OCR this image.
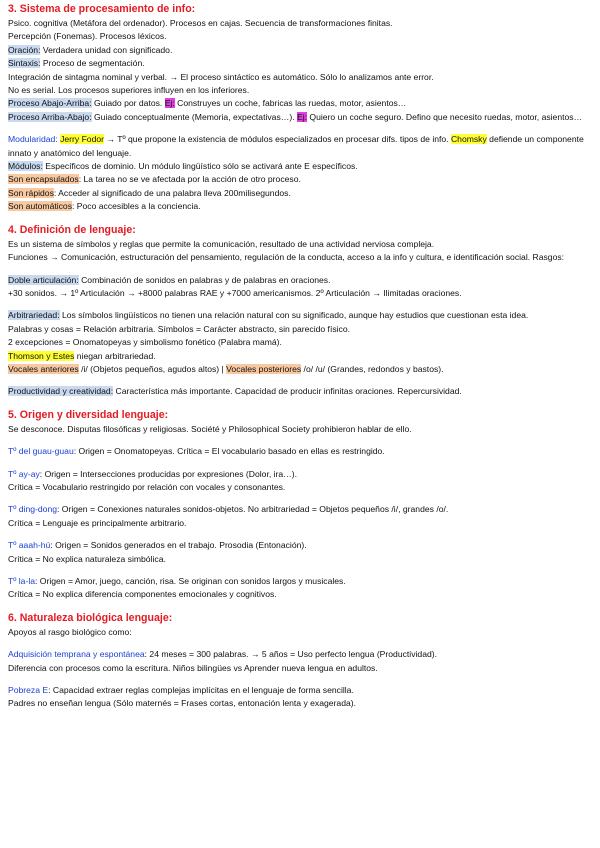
3. Sistema de procesamiento de info:

Psico. cognitiva (Metáfora del ordenador). Procesos en cajas. Secuencia de transformaciones finitas.

Percepción (Fonemas). Procesos léxicos.

Oración: Verdadera unidad con significado.

Sintaxis: Proceso de segmentación.

Integración de sintagma nominal y verbal. → El proceso sintáctico es automático. Sólo lo analizamos ante error.

No es serial. Los procesos superiores influyen en los inferiores.

Proceso Abajo-Arriba: Guiado por datos. Ej: Construyes un coche, fabricas las ruedas, motor, asientos…

Proceso Arriba-Abajo: Guiado conceptualmente (Memoria, expectativas…). Ej: Quiero un coche seguro. Defino que necesito ruedas, motor, asientos…

Modularidad: Jerry Fodor → Tº que propone la existencia de módulos especializados en procesar difs. tipos de info. Chomsky defiende un componente innato y anatómico del lenguaje.

Módulos: Específicos de dominio. Un módulo lingüístico sólo se activará ante E específicos.

Son encapsulados: La tarea no se ve afectada por la acción de otro proceso.

Son rápidos: Acceder al significado de una palabra lleva 200milisegundos.

Son automáticos: Poco accesibles a la conciencia.

4. Definición de lenguaje:

Es un sistema de símbolos y reglas que permite la comunicación, resultado de una actividad nerviosa compleja.

Funciones → Comunicación, estructuración del pensamiento, regulación de la conducta, acceso a la info y cultura, e identificación social. Rasgos:

Doble articulación: Combinación de sonidos en palabras y de palabras en oraciones.

+30 sonidos. → 1º Articulación → +8000 palabras RAE y +7000 americanismos. 2º Articulación → Ilimitadas oraciones.

Arbitrariedad: Los símbolos lingüísticos no tienen una relación natural con su significado, aunque hay estudios que cuestionan esta idea.

Palabras y cosas = Relación arbitraria. Símbolos = Carácter abstracto, sin parecido físico.

2 excepciones = Onomatopeyas y simbolismo fonético (Palabra mamá).

Thomson y Estes niegan arbitrariedad.

Vocales anteriores /i/ (Objetos pequeños, agudos altos) | Vocales posteriores /o/ /u/ (Grandes, redondos y bastos).

Productividad y creatividad: Característica más importante. Capacidad de producir infinitas oraciones. Repercursividad.

5. Origen y diversidad lenguaje:

Se desconoce. Disputas filosóficas y religiosas. Société y Philosophical Society prohibieron hablar de ello.

Tº del guau-guau: Origen = Onomatopeyas. Crítica = El vocabulario basado en ellas es restringido.

Tº ay-ay: Origen = Intersecciones producidas por expresiones (Dolor, ira…).

Crítica = Vocabulario restringido por relación con vocales y consonantes.

Tº ding-dong: Origen = Conexiones naturales sonidos-objetos. No arbitrariedad = Objetos pequeños /i/, grandes /o/.

Crítica = Lenguaje es principalmente arbitrario.

Tº aaah-hú: Origen = Sonidos generados en el trabajo. Prosodia (Entonación).

Crítica = No explica naturaleza simbólica.

Tº la-la: Origen = Amor, juego, canción, risa. Se originan con sonidos largos y musicales.

Crítica = No explica diferencia componentes emocionales y cognitivos.

6. Naturaleza biológica lenguaje:

Apoyos al rasgo biológico como:

Adquisición temprana y espontánea: 24 meses = 300 palabras. → 5 años = Uso perfecto lengua (Productividad).

Diferencia con procesos como la escritura. Niños bilingües vs Aprender nueva lengua en adultos.

Pobreza E: Capacidad extraer reglas complejas implícitas en el lenguaje de forma sencilla.

Padres no enseñan lengua (Sólo maternés = Frases cortas, entonación lenta y exagerada).
